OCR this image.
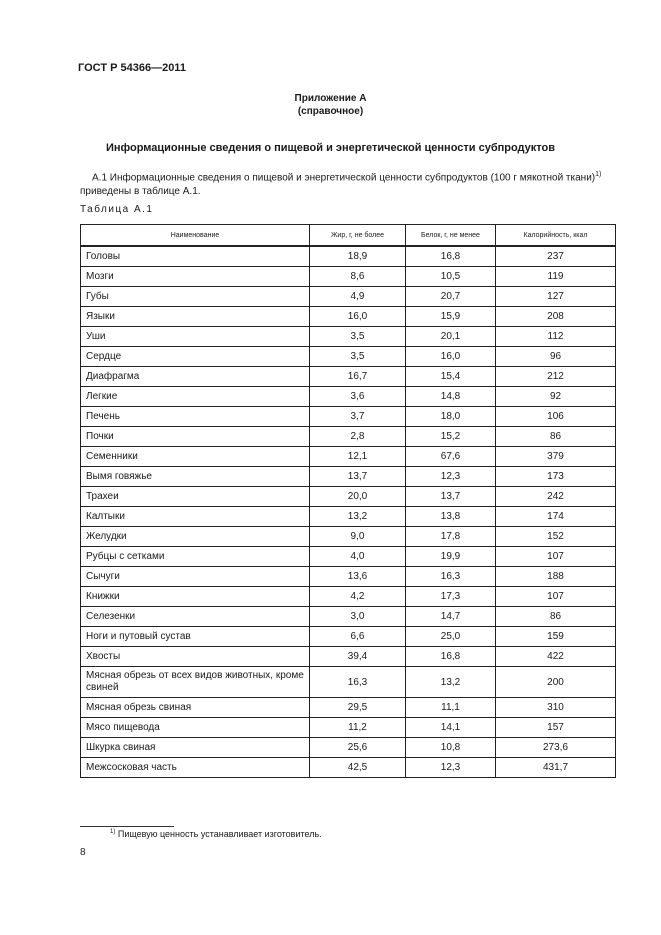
ГОСТ Р 54366—2011
Приложение А
(справочное)
Информационные сведения о пищевой и энергетической ценности субпродуктов
А.1 Информационные сведения о пищевой и энергетической ценности субпродуктов (100 г мякотной ткани)$^{1)}$
приведены в таблице А.1.
Таблица А.1
Наименование	Жир, г, не более	Белок, г, не менее	Калорийность, ккал
Головы	18,9	16,8	237
Мозги	8,6	10,5	119
Губы	4,9	20,7	127
Языки	16,0	15,9	208
Уши	3,5	20,1	112
Сердце	3,5	16,0	96
Диафрагма	16,7	15,4	212
Легкие	3,6	14,8	92
Печень	3,7	18,0	106
Почки	2,8	15,2	86
Семенники	12,1	67,6	379
Вымя говяжье	13,7	12,3	173
Трахеи	20,0	13,7	242
Калтыки	13,2	13,8	174
Желудки	9,0	17,8	152
Рубцы с сетками	4,0	19,9	107
Сычуги	13,6	16,3	188
Книжки	4,2	17,3	107
Селезенки	3,0	14,7	86
Ноги и путовый сустав	6,6	25,0	159
Хвосты	39,4	16,8	422
Мясная обрезь от всех видов животных, кроме свиней	16,3	13,2	200
Мясная обрезь свиная	29,5	11,1	310
Мясо пищевода	11,2	14,1	157
Шкурка свиная	25,6	10,8	273,6
Межсосковая часть	42,5	12,3	431,7
$^{1)}$ Пищевую ценность устанавливает изготовитель.
8
